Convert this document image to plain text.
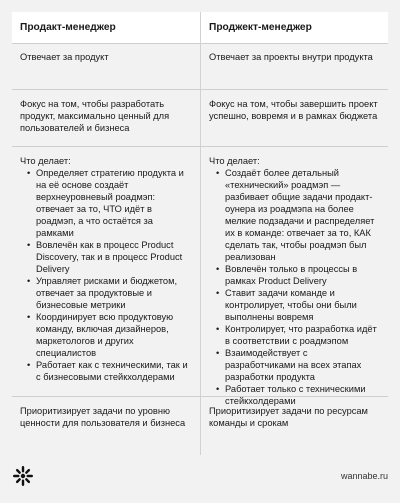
Продакт-менеджер	Проджект-менеджер
Отвечает за продукт	Отвечает за проекты внутри продукта
Фокус на том, чтобы разработать продукт, максимально ценный для пользователей и бизнеса
Фокус на том, чтобы завершить проект успешно, вовремя и в рамках бюджета
Что делает:
• Определяет стратегию продукта и на её основе создаёт верхнеуровневый роадмэп: отвечает за то, ЧТО идёт в роадмэп, а что остаётся за рамками
• Вовлечён как в процесс Product Discovery, так и в процесс Product Delivery
• Управляет рисками и бюджетом, отвечает за продуктовые и бизнесовые метрики
• Координирует всю продуктовую команду, включая дизайнеров, маркетологов и других специалистов
• Работает как с техническими, так и с бизнесовыми стейкхолдерами
Что делает:
• Создаёт более детальный «технический» роадмэп — разбивает общие задачи продакт-оунера из роадмэпа на более мелкие подзадачи и распределяет их в команде: отвечает за то, КАК сделать так, чтобы роадмэп был реализован
• Вовлечён только в процессы в рамках Product Delivery
• Ставит задачи команде и контролирует, чтобы они были выполнены вовремя
• Контролирует, что разработка идёт в соответствии с роадмэпом
• Взаимодействует с разработчиками на всех этапах разработки продукта
• Работает только с техническими стейкхолдерами
Приоритизирует задачи по уровню ценности для пользователя и бизнеса
Приоритизирует задачи по ресурсам команды и срокам
wannabe.ru
